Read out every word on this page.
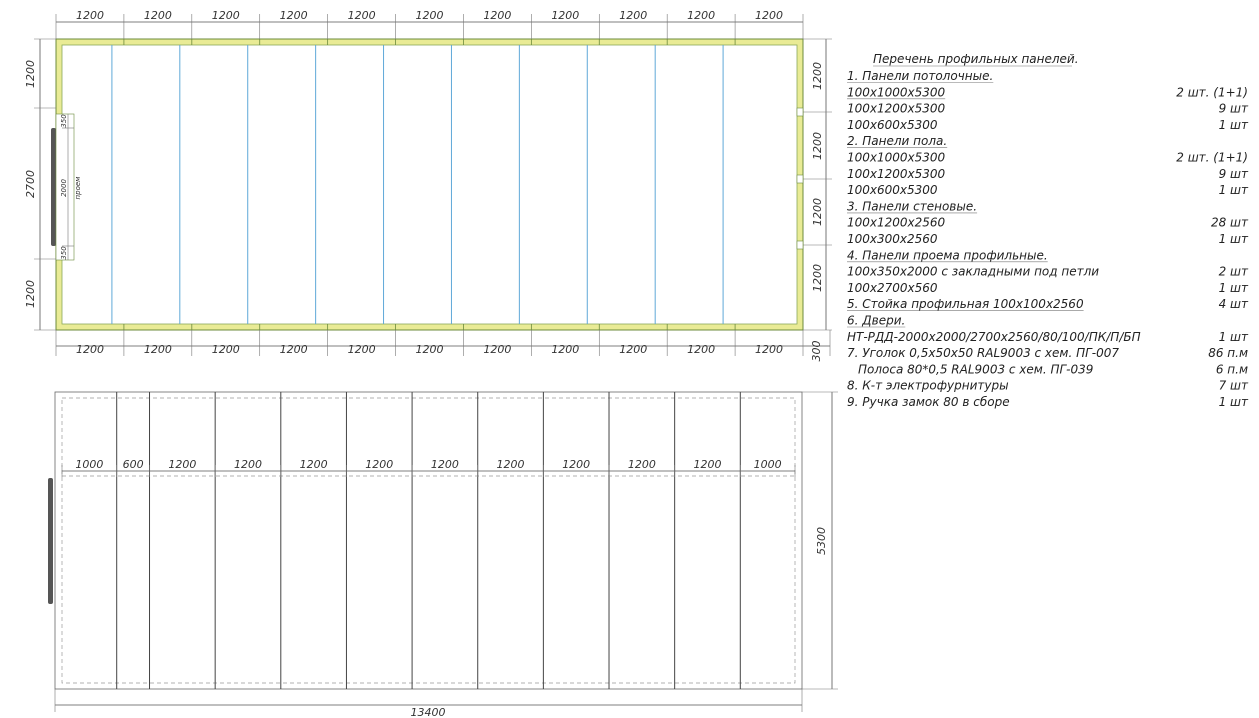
350
2000
350
проем
1200	1200	1200	1200	1200	1200	1200	1200	1200	1200	1200
1200	1200	1200	1200	1200	1200	1200	1200	1200	1200	1200 300
1200
2700
1200
1200
1200
1200
1200
1000 600 1200	1200	1200	1200	1200	1200	1200	1200	1200	1000
5300
13400
Перечень профильных панелей.
1. Панели потолочные.
100x1000x5300	2 шт. (1+1)
100x1200x5300	9 шт
100x600x5300	1 шт
2. Панели пола.
100x1000x5300	2 шт. (1+1)
100x1200x5300	9 шт
100x600x5300	1 шт
3. Панели стеновые.
100x1200x2560	28 шт
100x300x2560	1 шт
4. Панели проема профильные.
100x350x2000 с закладными под петли	2 шт
100x2700x560	1 шт
5. Стойка профильная 100x100x2560	4 шт
6. Двери.
НТ-РДД-2000x2000/2700x2560/80/100/ПК/П/БП	1 шт
7. Уголок 0,5x50x50 RAL9003 с хем. ПГ-007	86 п.м
Полоса 80*0,5 RAL9003 с хем. ПГ-039	6 п.м
8. К-т электрофурнитуры	7 шт
9. Ручка замок 80 в сборе	1 шт
